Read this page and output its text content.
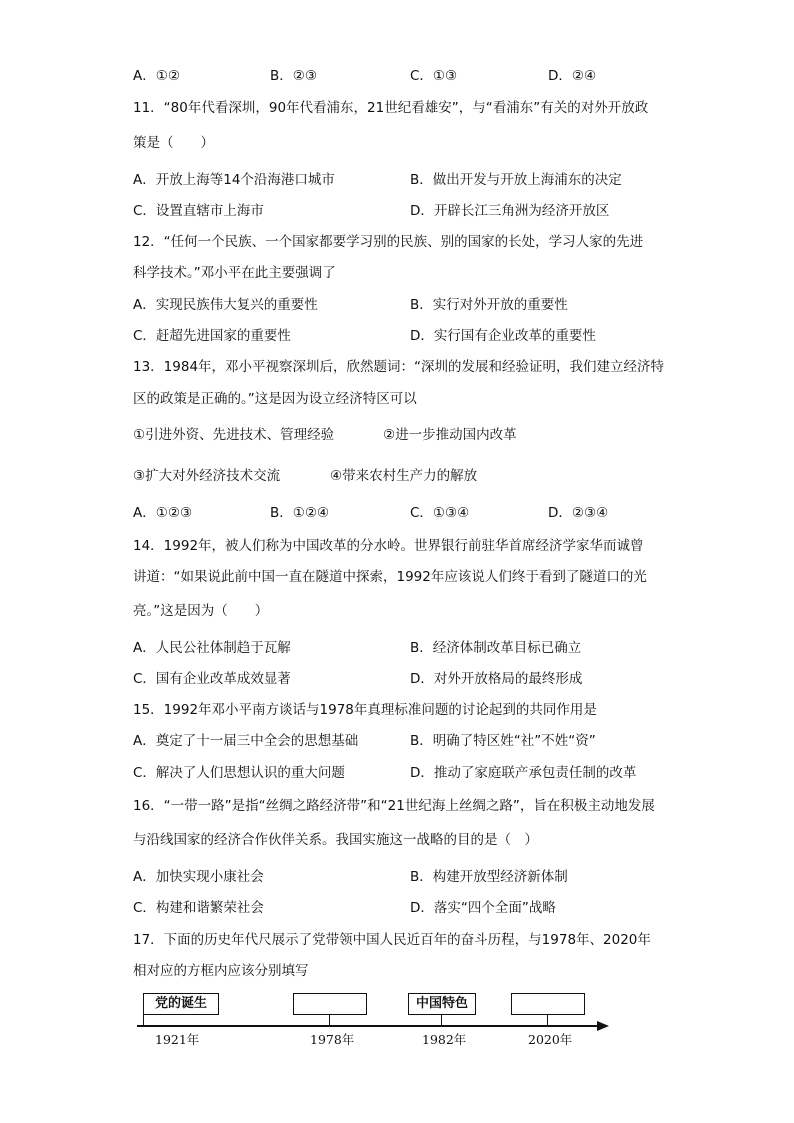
A．①②	B．②③	C．①③	D．②④
11．“80年代看深圳，90年代看浦东，21世纪看雄安”，与“看浦东”有关的对外开放政
策是（　　）
A．开放上海等14个沿海港口城市	B．做出开发与开放上海浦东的决定
C．设置直辖市上海市	D．开辟长江三角洲为经济开放区
12．“任何一个民族、一个国家都要学习别的民族、别的国家的长处，学习人家的先进
科学技术。”邓小平在此主要强调了
A．实现民族伟大复兴的重要性	B．实行对外开放的重要性
C．赶超先进国家的重要性	D．实行国有企业改革的重要性
13．1984年，邓小平视察深圳后，欣然题词：“深圳的发展和经验证明，我们建立经济特
区的政策是正确的。”这是因为设立经济特区可以
①引进外资、先进技术、管理经验	②进一步推动国内改革
③扩大对外经济技术交流	④带来农村生产力的解放
A．①②③	B．①②④	C．①③④	D．②③④
14．1992年，被人们称为中国改革的分水岭。世界银行前驻华首席经济学家华而诚曾
讲道：“如果说此前中国一直在隧道中探索，1992年应该说人们终于看到了隧道口的光
亮。”这是因为（　　）
A．人民公社体制趋于瓦解	B．经济体制改革目标已确立
C．国有企业改革成效显著	D．对外开放格局的最终形成
15．1992年邓小平南方谈话与1978年真理标准问题的讨论起到的共同作用是
A．奠定了十一届三中全会的思想基础	B．明确了特区姓“社”不姓“资”
C．解决了人们思想认识的重大问题	D．推动了家庭联产承包责任制的改革
16．“一带一路”是指“丝绸之路经济带”和“21世纪海上丝绸之路”，旨在积极主动地发展
与沿线国家的经济合作伙伴关系。我国实施这一战略的目的是（　）
A．加快实现小康社会	B．构建开放型经济新体制
C．构建和谐繁荣社会	D．落实“四个全面”战略
17．下面的历史年代尺展示了党带领中国人民近百年的奋斗历程，与1978年、2020年
相对应的方框内应该分别填写
党的诞生	中国特色
1921年	1978年	1982年	2020年
